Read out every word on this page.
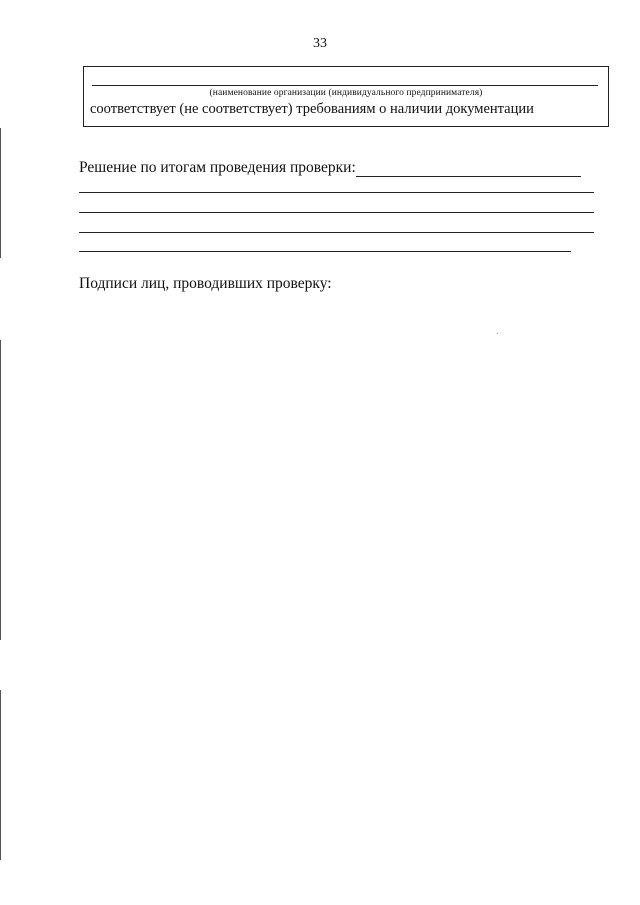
33
(наименование организации (индивидуального предпринимателя)
соответствует (не соответствует) требованиям о наличии документации
Решение по итогам проведения проверки:
Подписи лиц, проводивших проверку:
